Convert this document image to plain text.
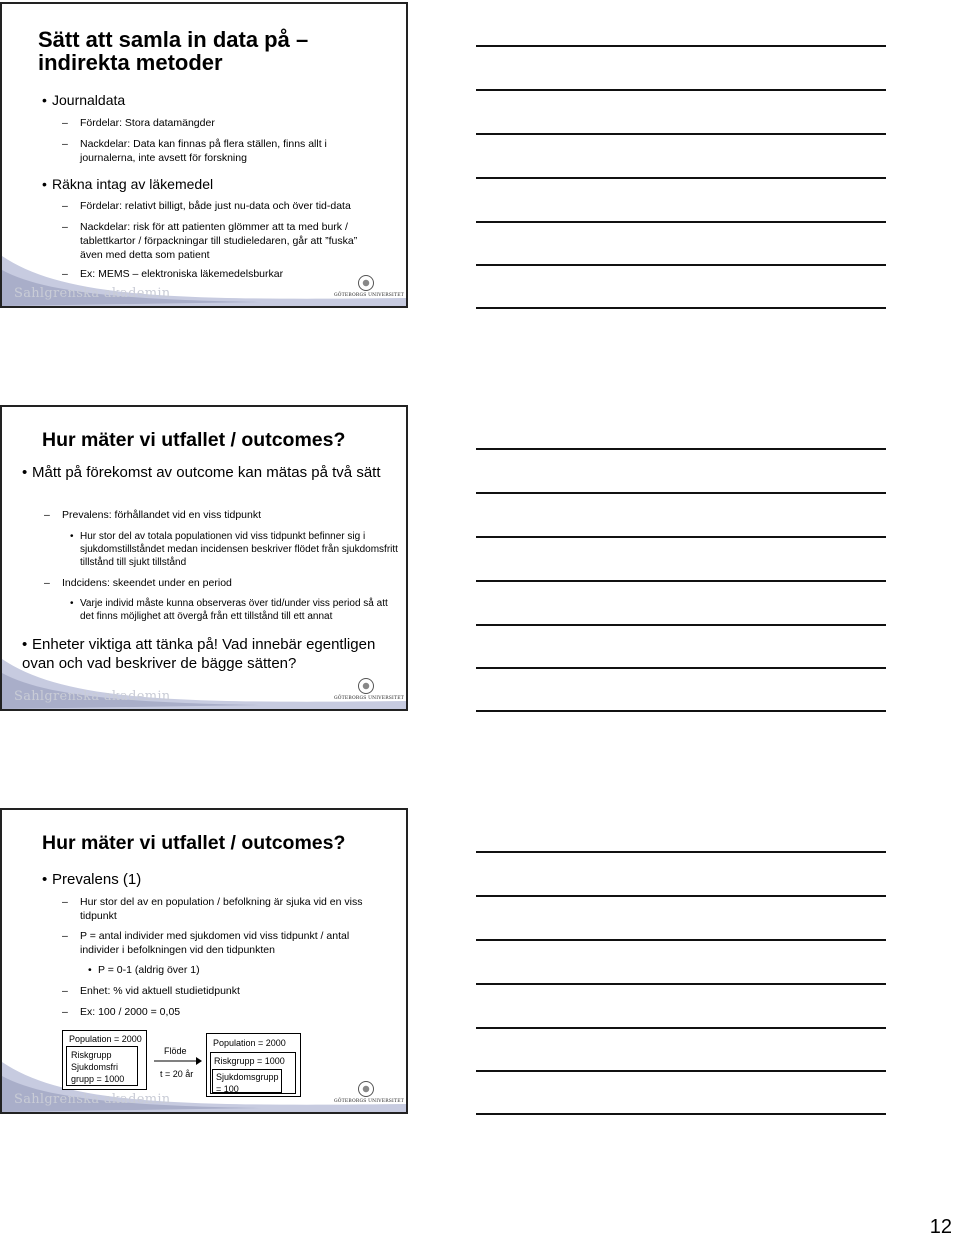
Sätt att samla in data på –
indirekta metoder
• Journaldata
– Fördelar: Stora datamängder
– Nackdelar: Data kan finnas på flera ställen, finns allt i journalerna, inte avsett för forskning
• Räkna intag av läkemedel
– Fördelar: relativt billigt, både just nu-data och över tid-data
– Nackdelar: risk för att patienten glömmer att ta med burk / tablettkartor / förpackningar till studieledaren, går att ”fuska” även med detta som patient
– Ex: MEMS – elektroniska läkemedelsburkar
Sahlgrenska akademin	GÖTEBORGS UNIVERSITET
Hur mäter vi utfallet / outcomes?
Mått på förekomst av outcome kan mätas på två sätt
•
– Prevalens: förhållandet vid en viss tidpunkt
• Hur stor del av totala populationen vid viss tidpunkt befinner sig i sjukdomstillståndet medan incidensen beskriver flödet från sjukdomsfritt tillstånd till sjukt tillstånd
– Indcidens: skeendet under en period
• Varje individ måste kunna observeras över tid/under viss period så att det finns möjlighet att övergå från ett tillstånd till ett annat
Enheter viktiga att tänka på! Vad innebär egentligen ovan och vad beskriver de bägge sätten?
•
Sahlgrenska akademin	GÖTEBORGS UNIVERSITET
Hur mäter vi utfallet / outcomes?
• Prevalens (1)
– Hur stor del av en population / befolkning är sjuka vid en viss tidpunkt
– P = antal individer med sjukdomen vid viss tidpunkt / antal individer i befolkningen vid den tidpunkten
• P = 0-1 (aldrig över 1)
– Enhet: % vid aktuell studietidpunkt
– Ex: 100 / 2000 = 0,05
Population = 2000
Riskgrupp
Sjukdomsfri grupp = 1000
Flöde
t = 20 år
Population = 2000
Riskgrupp = 1000
Sjukdomsgrupp = 100
Sahlgrenska akademin	GÖTEBORGS UNIVERSITET
12
